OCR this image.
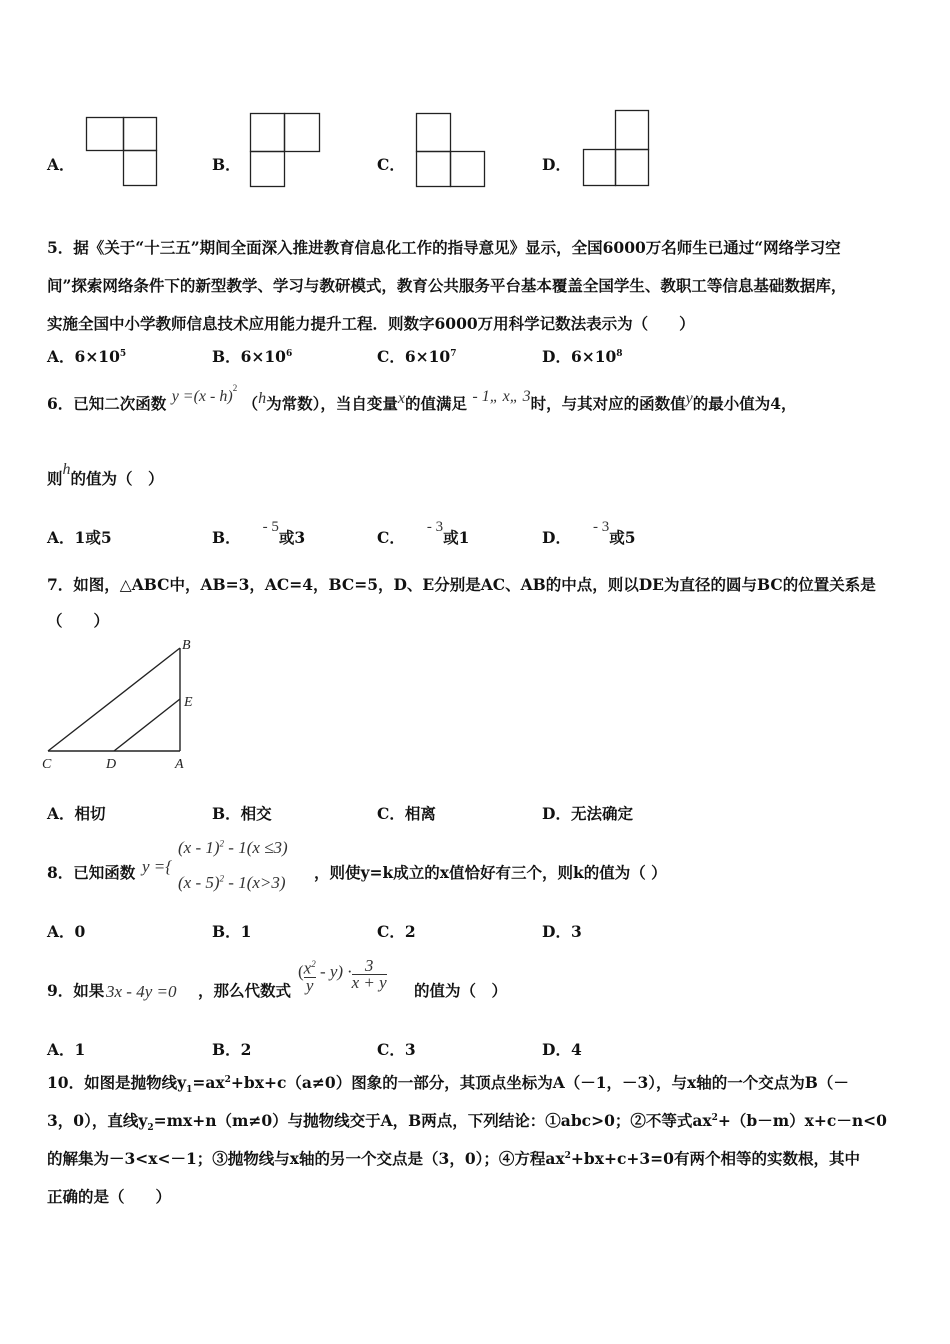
A．	B．	C．	D．
5．据《关于“十三五”期间全面深入推进教育信息化工作的指导意见》显示，全国6000万名师生已通过“网络学习空
间”探索网络条件下的新型教学、学习与教研模式，教育公共服务平台基本覆盖全国学生、教职工等信息基础数据库，
实施全国中小学教师信息技术应用能力提升工程．则数字6000万用科学记数法表示为（　　）
A．$6\times 10^5$	B．$6\times 10^6$	C．$6\times 10^7$	D．$6\times 10^8$
6．已知二次函数 y =(x - h)$^2$ （h为常数），当自变量x的值满足 - 1„ x„ 3时，与其对应的函数值y的最小值为4，
则h的值为（　）
A．1或5	B．- 5或3	C．- 3或1	D．- 3或5
7．如图，△ABC中，AB=3，AC=4，BC=5，D、E分别是AC、AB的中点，则以DE为直径的圆与BC的位置关系是
（　　）
B
E
C	D	A
A．相切	B．相交	C．相离	D．无法确定
8．已知函数 y ={
(x - 1)$^2$ - 1(x ≤3)
(x - 5)$^2$ - 1(x>3)
，则使y=k成立的x值恰好有三个，则k的值为（ ）
A．0	B．1	C．2	D．3
9．如果 3x - 4y =0 ，那么代数式
( $\frac{x^2}{y} - y) \cdot \frac{3}{x + y}$ 的值为（　）
A．1	B．2	C．3	D．4
10．如图是抛物线$y_1=ax^2+bx+c(a\ne 0)$图象的一部分，其顶点坐标为A（－1，－3），与x轴的一个交点为B（－
3，0），直线$y_2=mx+n(m\ne 0)$与抛物线交于A，B两点，下列结论：①abc>0；②不等式$ax^2+(b-m)x+c-n<0$
的解集为－3<x<－1；③抛物线与x轴的另一个交点是（3，0）；④方程$ax^2+bx+c+3=0$有两个相等的实数根，其中
正确的是（　　）
